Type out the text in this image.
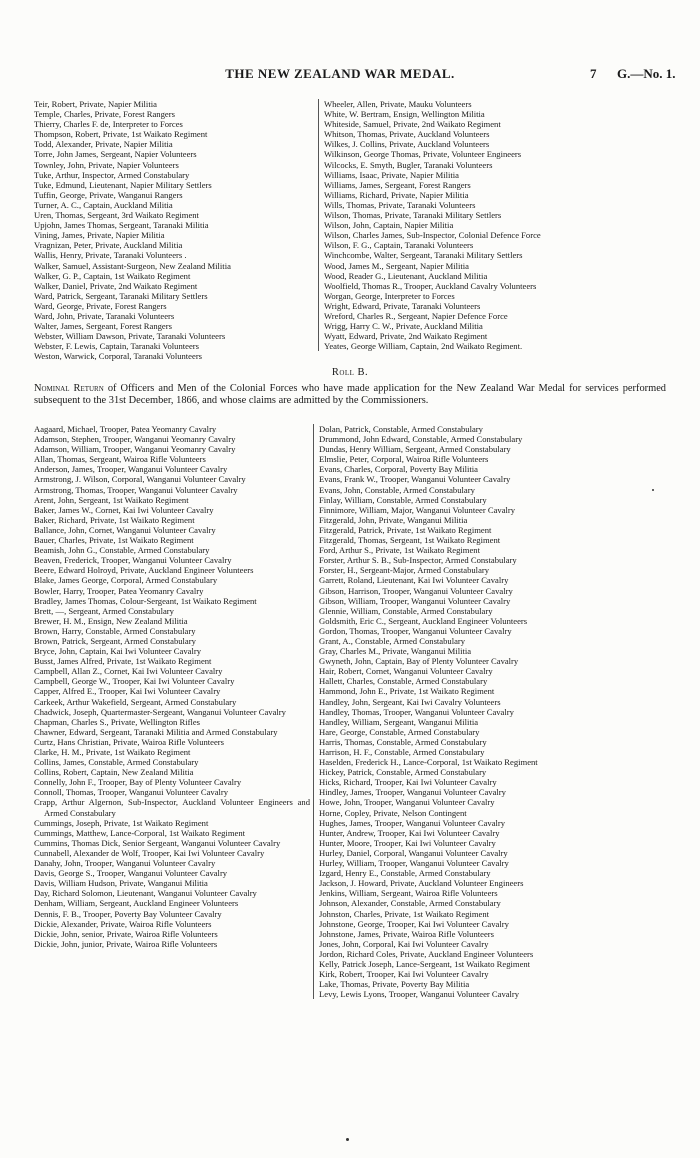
THE NEW ZEALAND WAR MEDAL.	7 G.—No. 1.
Teir, Robert, Private, Napier Militia
Temple, Charles, Private, Forest Rangers
Thierry, Charles F. de, Interpreter to Forces
Thompson, Robert, Private, 1st Waikato Regiment
Todd, Alexander, Private, Napier Militia
Torre, John James, Sergeant, Napier Volunteers
Townley, John, Private, Napier Volunteers
Tuke, Arthur, Inspector, Armed Constabulary
Tuke, Edmund, Lieutenant, Napier Military Settlers
Tuffin, George, Private, Wanganui Rangers
Turner, A. C., Captain, Auckland Militia
Uren, Thomas, Sergeant, 3rd Waikato Regiment
Upjohn, James Thomas, Sergeant, Taranaki Militia
Vining, James, Private, Napier Militia
Vragnizan, Peter, Private, Auckland Militia
Wallis, Henry, Private, Taranaki Volunteers .
Walker, Samuel, Assistant-Surgeon, New Zealand Militia
Walker, G. P., Captain, 1st Waikato Regiment
Walker, Daniel, Private, 2nd Waikato Regiment
Ward, Patrick, Sergeant, Taranaki Military Settlers
Ward, George, Private, Forest Rangers
Ward, John, Private, Taranaki Volunteers
Walter, James, Sergeant, Forest Rangers
Webster, William Dawson, Private, Taranaki Volunteers
Webster, F. Lewis, Captain, Taranaki Volunteers
Weston, Warwick, Corporal, Taranaki Volunteers
Wheeler, Allen, Private, Mauku Volunteers
White, W. Bertram, Ensign, Wellington Militia
Whiteside, Samuel, Private, 2nd Waikato Regiment
Whitson, Thomas, Private, Auckland Volunteers
Wilkes, J. Collins, Private, Auckland Volunteers
Wilkinson, George Thomas, Private, Volunteer Engineers
Wilcocks, E. Smyth, Bugler, Taranaki Volunteers
Williams, Isaac, Private, Napier Militia
Williams, James, Sergeant, Forest Rangers
Williams, Richard, Private, Napier Militia
Wills, Thomas, Private, Taranaki Volunteers
Wilson, Thomas, Private, Taranaki Military Settlers
Wilson, John, Captain, Napier Militia
Wilson, Charles James, Sub-Inspector, Colonial Defence Force
Wilson, F. G., Captain, Taranaki Volunteers
Winchcombe, Walter, Sergeant, Taranaki Military Settlers
Wood, James M., Sergeant, Napier Militia
Wood, Reader G., Lieutenant, Auckland Militia
Woolfield, Thomas R., Trooper, Auckland Cavalry Volunteers
Worgan, George, Interpreter to Forces
Wright, Edward, Private, Taranaki Volunteers
Wreford, Charles R., Sergeant, Napier Defence Force
Wrigg, Harry C. W., Private, Auckland Militia
Wyatt, Edward, Private, 2nd Waikato Regiment
Yeates, George William, Captain, 2nd Waikato Regiment.
Roll B.
Nominal Return of Officers and Men of the Colonial Forces who have made application for the New Zealand War Medal for services performed subsequent to the 31st December, 1866, and whose claims are admitted by the Commissioners.
Aagaard, Michael, Trooper, Patea Yeomanry Cavalry
Adamson, Stephen, Trooper, Wanganui Yeomanry Cavalry
Adamson, William, Trooper, Wanganui Yeomanry Cavalry
Allan, Thomas, Sergeant, Wairoa Rifle Volunteers
Anderson, James, Trooper, Wanganui Volunteer Cavalry
Armstrong, J. Wilson, Corporal, Wanganui Volunteer Cavalry
Armstrong, Thomas, Trooper, Wanganui Volunteer Cavalry
Arent, John, Sergeant, 1st Waikato Regiment
Baker, James W., Cornet, Kai Iwi Volunteer Cavalry
Baker, Richard, Private, 1st Waikato Regiment
Ballance, John, Cornet, Wanganui Volunteer Cavalry
Bauer, Charles, Private, 1st Waikato Regiment
Beamish, John G., Constable, Armed Constabulary
Beaven, Frederick, Trooper, Wanganui Volunteer Cavalry
Beere, Edward Holroyd, Private, Auckland Engineer Volunteers
Blake, James George, Corporal, Armed Constabulary
Bowler, Harry, Trooper, Patea Yeomanry Cavalry
Bradley, James Thomas, Colour-Sergeant, 1st Waikato Regiment
Brett, —, Sergeant, Armed Constabulary
Brewer, H. M., Ensign, New Zealand Militia
Brown, Harry, Constable, Armed Constabulary
Brown, Patrick, Sergeant, Armed Constabulary
Bryce, John, Captain, Kai Iwi Volunteer Cavalry
Busst, James Alfred, Private, 1st Waikato Regiment
Campbell, Allan Z., Cornet, Kai Iwi Volunteer Cavalry
Campbell, George W., Trooper, Kai Iwi Volunteer Cavalry
Capper, Alfred E., Trooper, Kai Iwi Volunteer Cavalry
Carkeek, Arthur Wakefield, Sergeant, Armed Constabulary
Chadwick, Joseph, Quartermaster-Sergeant, Wanganui Volunteer Cavalry
Chapman, Charles S., Private, Wellington Rifles
Chawner, Edward, Sergeant, Taranaki Militia and Armed Constabulary
Curtz, Hans Christian, Private, Wairoa Rifle Volunteers
Clarke, H. M., Private, 1st Waikato Regiment
Collins, James, Constable, Armed Constabulary
Collins, Robert, Captain, New Zealand Militia
Connelly, John F., Trooper, Bay of Plenty Volunteer Cavalry
Connoll, Thomas, Trooper, Wanganui Volunteer Cavalry
Crapp, Arthur Algernon, Sub-Inspector, Auckland Volunteer Engineers and Armed Constabulary
Cummings, Joseph, Private, 1st Waikato Regiment
Cummings, Matthew, Lance-Corporal, 1st Waikato Regiment
Cummins, Thomas Dick, Senior Sergeant, Wanganui Volunteer Cavalry
Cunnabell, Alexander de Wolf, Trooper, Kai Iwi Volunteer Cavalry
Danahy, John, Trooper, Wanganui Volunteer Cavalry
Davis, George S., Trooper, Wanganui Volunteer Cavalry
Davis, William Hudson, Private, Wanganui Militia
Day, Richard Solomon, Lieutenant, Wanganui Volunteer Cavalry
Denham, William, Sergeant, Auckland Engineer Volunteers
Dennis, F. B., Trooper, Poverty Bay Volunteer Cavalry
Dickie, Alexander, Private, Wairoa Rifle Volunteers
Dickie, John, senior, Private, Wairoa Rifle Volunteers
Dickie, John, junior, Private, Wairoa Rifle Volunteers
Dolan, Patrick, Constable, Armed Constabulary
Drummond, John Edward, Constable, Armed Constabulary
Dundas, Henry William, Sergeant, Armed Constabulary
Elmslie, Peter, Corporal, Wairoa Rifle Volunteers
Evans, Charles, Corporal, Poverty Bay Militia
Evans, Frank W., Trooper, Wanganui Volunteer Cavalry
Evans, John, Constable, Armed Constabulary
Finlay, William, Constable, Armed Constabulary
Finnimore, William, Major, Wanganui Volunteer Cavalry
Fitzgerald, John, Private, Wanganui Militia
Fitzgerald, Patrick, Private, 1st Waikato Regiment
Fitzgerald, Thomas, Sergeant, 1st Waikato Regiment
Ford, Arthur S., Private, 1st Waikato Regiment
Forster, Arthur S. B., Sub-Inspector, Armed Constabulary
Forster, H., Sergeant-Major, Armed Constabulary
Garrett, Roland, Lieutenant, Kai Iwi Volunteer Cavalry
Gibson, Harrison, Trooper, Wanganui Volunteer Cavalry
Gibson, William, Trooper, Wanganui Volunteer Cavalry
Glennie, William, Constable, Armed Constabulary
Goldsmith, Eric C., Sergeant, Auckland Engineer Volunteers
Gordon, Thomas, Trooper, Wanganui Volunteer Cavalry
Grant, A., Constable, Armed Constabulary
Gray, Charles M., Private, Wanganui Militia
Gwyneth, John, Captain, Bay of Plenty Volunteer Cavalry
Hair, Robert, Cornet, Wanganui Volunteer Cavalry
Hallett, Charles, Constable, Armed Constabulary
Hammond, John E., Private, 1st Waikato Regiment
Handley, John, Sergeant, Kai Iwi Cavalry Volunteers
Handley, Thomas, Trooper, Wanganui Volunteer Cavalry
Handley, William, Sergeant, Wanganui Militia
Hare, George, Constable, Armed Constabulary
Harris, Thomas, Constable, Armed Constabulary
Harrison, H. F., Constable, Armed Constabulary
Haselden, Frederick H., Lance-Corporal, 1st Waikato Regiment
Hickey, Patrick, Constable, Armed Constabulary
Hicks, Richard, Trooper, Kai Iwi Volunteer Cavalry
Hindley, James, Trooper, Wanganui Volunteer Cavalry
Howe, John, Trooper, Wanganui Volunteer Cavalry
Horne, Copley, Private, Nelson Contingent
Hughes, James, Trooper, Wanganui Volunteer Cavalry
Hunter, Andrew, Trooper, Kai Iwi Volunteer Cavalry
Hunter, Moore, Trooper, Kai Iwi Volunteer Cavalry
Hurley, Daniel, Corporal, Wanganui Volunteer Cavalry
Hurley, William, Trooper, Wanganui Volunteer Cavalry
Izgard, Henry E., Constable, Armed Constabulary
Jackson, J. Howard, Private, Auckland Volunteer Engineers
Jenkins, William, Sergeant, Wairoa Rifle Volunteers
Johnson, Alexander, Constable, Armed Constabulary
Johnston, Charles, Private, 1st Waikato Regiment
Johnstone, George, Trooper, Kai Iwi Volunteer Cavalry
Johnstone, James, Private, Wairoa Rifle Volunteers
Jones, John, Corporal, Kai Iwi Volunteer Cavalry
Jordon, Richard Coles, Private, Auckland Engineer Volunteers
Kelly, Patrick Joseph, Lance-Sergeant, 1st Waikato Regiment
Kirk, Robert, Trooper, Kai Iwi Volunteer Cavalry
Lake, Thomas, Private, Poverty Bay Militia
Levy, Lewis Lyons, Trooper, Wanganui Volunteer Cavalry
